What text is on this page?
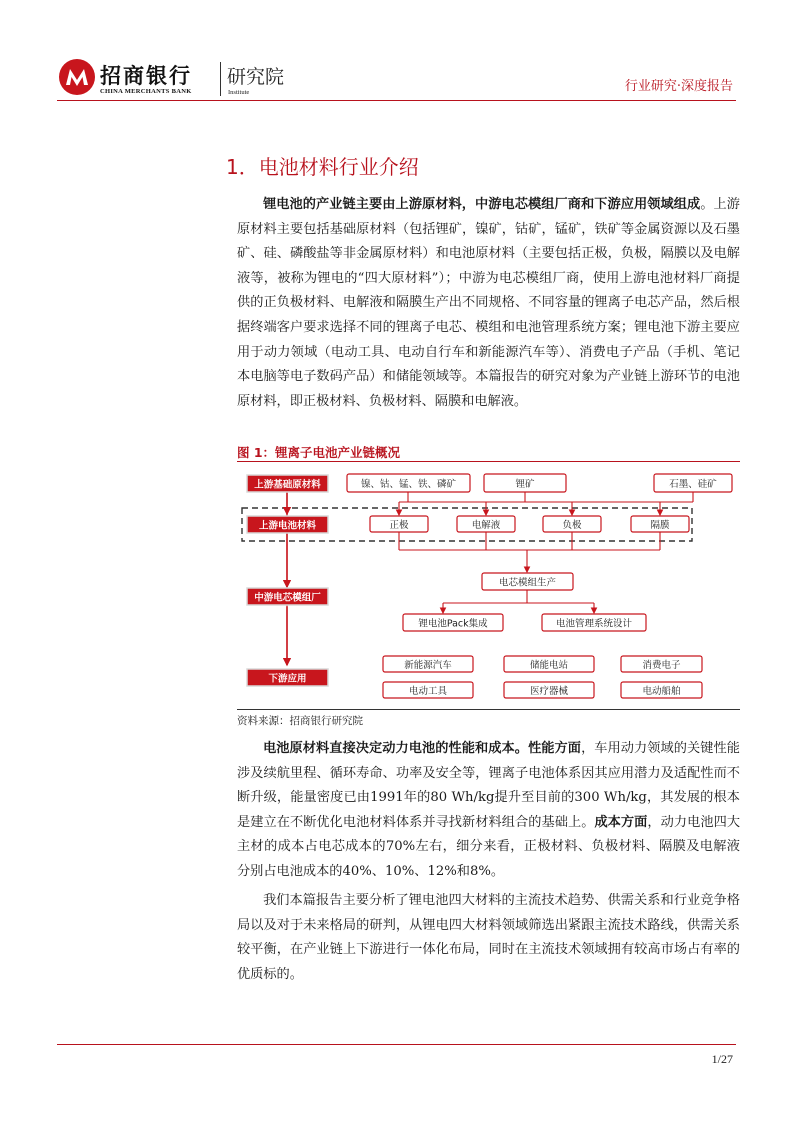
招商银行
CHINA MERCHANTS BANK
研究院
Institute	行业研究·深度报告
1．电池材料行业介绍
锂电池的产业链主要由上游原材料，中游电芯模组厂商和下游应用领域组成。上游原材料主要包括基础原材料（包括锂矿，镍矿，钴矿，锰矿，铁矿等金属资源以及石墨矿、硅、磷酸盐等非金属原材料）和电池原材料（主要包括正极，负极，隔膜以及电解液等，被称为锂电的“四大原材料”）；中游为电芯模组厂商，使用上游电池材料厂商提供的正负极材料、电解液和隔膜生产出不同规格、不同容量的锂离子电芯产品，然后根据终端客户要求选择不同的锂离子电芯、模组和电池管理系统方案；锂电池下游主要应用于动力领域（电动工具、电动自行车和新能源汽车等）、消费电子产品（手机、笔记本电脑等电子数码产品）和储能领域等。本篇报告的研究对象为产业链上游环节的电池原材料，即正极材料、负极材料、隔膜和电解液。
图 1：锂离子电池产业链概况
上游基础原材料
上游电池材料
中游电芯模组厂
下游应用
镍、钴、锰、铁、磷矿	锂矿	石墨、硅矿
正极	电解液	负极	隔膜
电芯模组生产
锂电池Pack集成	电池管理系统设计
新能源汽车	储能电站	消费电子
电动工具	医疗器械	电动船舶
资料来源：招商银行研究院
电池原材料直接决定动力电池的性能和成本。性能方面，车用动力领域的关键性能涉及续航里程、循环寿命、功率及安全等，锂离子电池体系因其应用潜力及适配性而不断升级，能量密度已由1991年的80 Wh/kg提升至目前的300 Wh/kg，其发展的根本是建立在不断优化电池材料体系并寻找新材料组合的基础上。成本方面，动力电池四大主材的成本占电芯成本的70%左右，细分来看，正极材料、负极材料、隔膜及电解液分别占电池成本的40%、10%、12%和8%。
我们本篇报告主要分析了锂电池四大材料的主流技术趋势、供需关系和行业竞争格局以及对于未来格局的研判，从锂电四大材料领域筛选出紧跟主流技术路线，供需关系较平衡，在产业链上下游进行一体化布局，同时在主流技术领域拥有较高市场占有率的优质标的。
1/27
